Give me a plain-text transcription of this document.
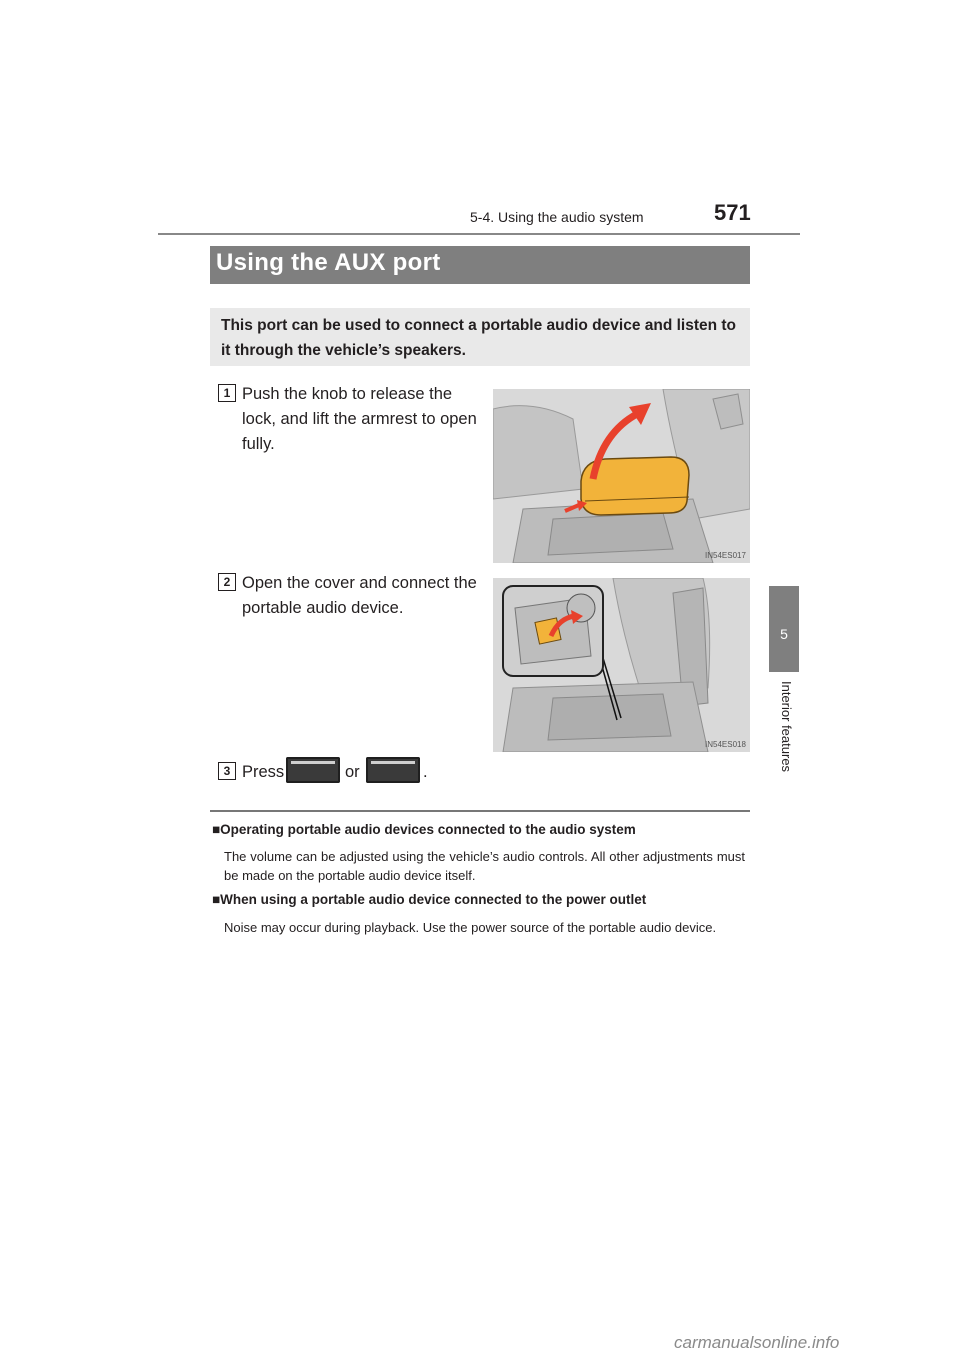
5-4. Using the audio system	571
5
Interior features
Using the AUX port
This port can be used to connect a portable audio device and listen to it through the vehicle’s speakers.
1 Push the knob to release the lock, and lift the armrest to open fully.
IN54ES017
2 Open the cover and connect the portable audio device.
IN54ES018
3 Press	or	.
■Operating portable audio devices connected to the audio system
The volume can be adjusted using the vehicle’s audio controls. All other adjustments must be made on the portable audio device itself.
■When using a portable audio device connected to the power outlet
Noise may occur during playback. Use the power source of the portable audio device.
carmanualsonline.info
